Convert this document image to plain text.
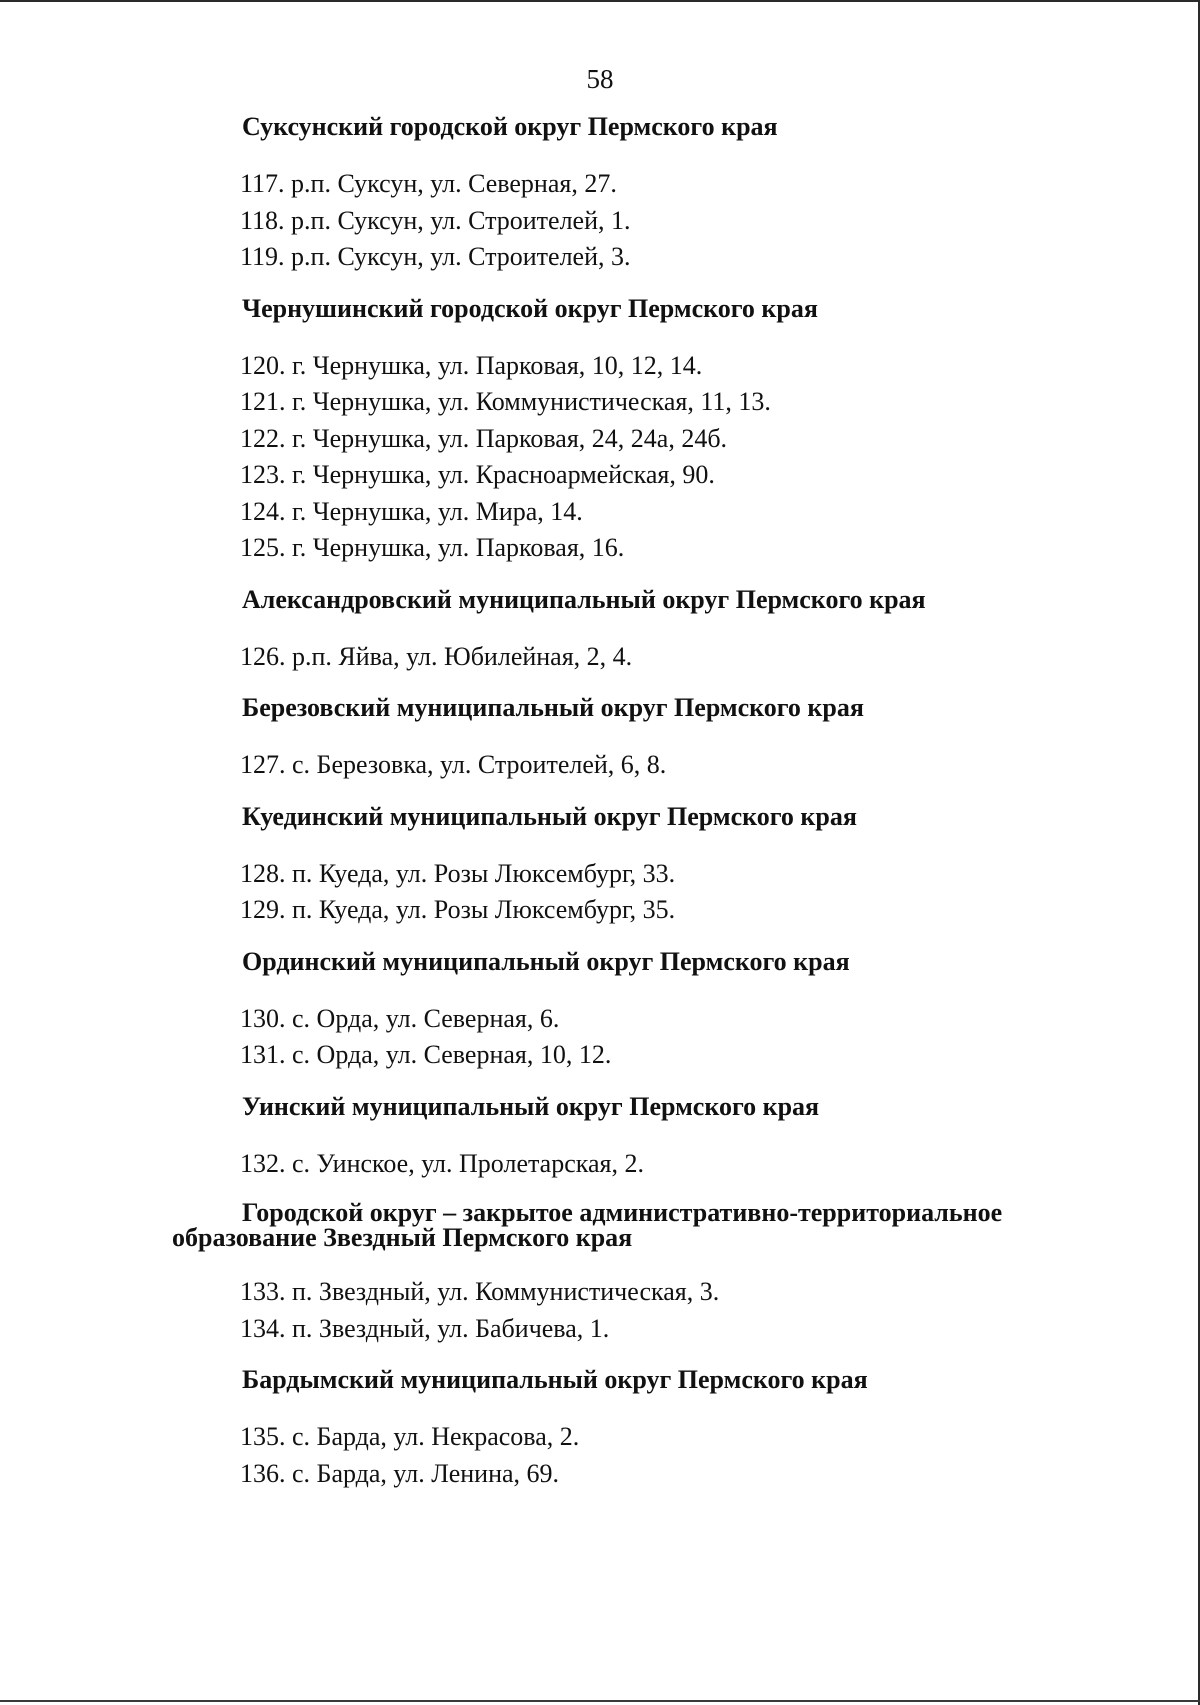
58
Суксунский городской округ Пермского края
117. р.п. Суксун, ул. Северная, 27.
118. р.п. Суксун, ул. Строителей, 1.
119. р.п. Суксун, ул. Строителей, 3.
Чернушинский городской округ Пермского края
120. г. Чернушка, ул. Парковая, 10, 12, 14.
121. г. Чернушка, ул. Коммунистическая, 11, 13.
122. г. Чернушка, ул. Парковая, 24, 24а, 24б.
123. г. Чернушка, ул. Красноармейская, 90.
124. г. Чернушка, ул. Мира, 14.
125. г. Чернушка, ул. Парковая, 16.
Александровский муниципальный округ Пермского края
126. р.п. Яйва, ул. Юбилейная, 2, 4.
Березовский муниципальный округ Пермского края
127. с. Березовка, ул. Строителей, 6, 8.
Куединский муниципальный округ Пермского края
128. п. Куеда, ул. Розы Люксембург, 33.
129. п. Куеда, ул. Розы Люксембург, 35.
Ординский муниципальный округ Пермского края
130. с. Орда, ул. Северная, 6.
131. с. Орда, ул. Северная, 10, 12.
Уинский муниципальный округ Пермского края
132. с. Уинское, ул. Пролетарская, 2.
Городской округ – закрытое административно-территориальное образование Звездный Пермского края
133. п. Звездный, ул. Коммунистическая, 3.
134. п. Звездный, ул. Бабичева, 1.
Бардымский муниципальный округ Пермского края
135. с. Барда, ул. Некрасова, 2.
136. с. Барда, ул. Ленина, 69.
